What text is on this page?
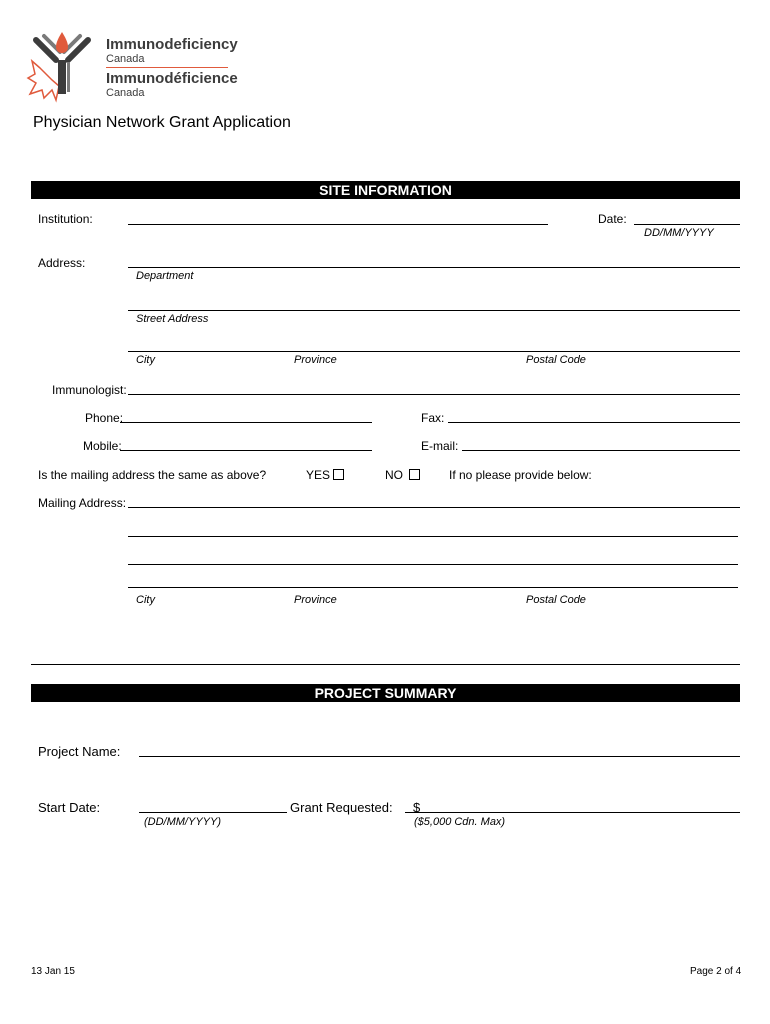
Immunodeficiency
Canada
Immunodéficience
Canada
Physician Network Grant Application
SITE INFORMATION
Institution:	Date:
DD/MM/YYYY
Address:
Department
Street Address
City	Province	Postal Code
Immunologist:
Phone:	Fax:
Mobile:	E-mail:
Is the mailing address the same as above?	YES	NO	If no please provide below:
Mailing Address:
City	Province	Postal Code
PROJECT SUMMARY
Project Name:
Start Date:
(DD/MM/YYYY)
Grant Requested: $
($5,000 Cdn. Max)
13 Jan 15	Page 2 of 4
